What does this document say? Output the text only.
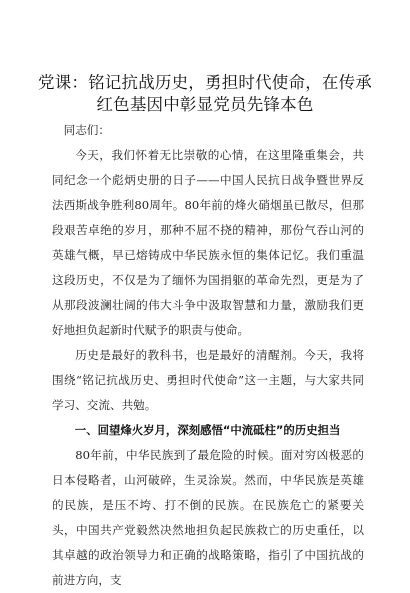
党课：铭记抗战历史，勇担时代使命，在传承
红色基因中彰显党员先锋本色

同志们：

今天，我们怀着无比崇敬的心情，在这里隆重集会，共同纪念一个彪炳史册的日子——中国人民抗日战争暨世界反法西斯战争胜利80周年。80年前的烽火硝烟虽已散尽，但那段艰苦卓绝的岁月，那种不屈不挠的精神，那份气吞山河的英雄气概，早已熔铸成中华民族永恒的集体记忆。我们重温这段历史，不仅是为了缅怀为国捐躯的革命先烈，更是为了从那段波澜壮阔的伟大斗争中汲取智慧和力量，激励我们更好地担负起新时代赋予的职责与使命。

历史是最好的教科书，也是最好的清醒剂。今天，我将围绕“铭记抗战历史、勇担时代使命”这一主题，与大家共同学习、交流、共勉。

一、回望烽火岁月，深刻感悟“中流砥柱”的历史担当

80年前，中华民族到了最危险的时候。面对穷凶极恶的日本侵略者，山河破碎，生灵涂炭。然而，中华民族是英雄的民族，是压不垮、打不倒的民族。在民族危亡的紧要关头，中国共产党毅然决然地担负起民族救亡的历史重任，以其卓越的政治领导力和正确的战略策略，指引了中国抗战的前进方向，支
